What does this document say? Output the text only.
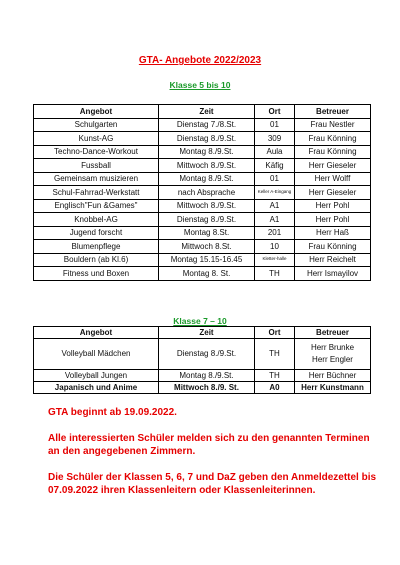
GTA- Angebote 2022/2023
Klasse 5 bis 10
Angebot	Zeit	Ort	Betreuer
Schulgarten	Dienstag 7./8.St.	01	Frau Nestler
Kunst-AG	Dienstag 8./9.St.	309	Frau Könning
Techno-Dance-Workout	Montag 8./9.St.	Aula	Frau Könning
Fussball	Mittwoch 8./9.St.	Käfig	Herr Gieseler
Gemeinsam musizieren	Montag 8./9.St.	01	Herr Wolff
Schul-Fahrrad-Werkstatt	nach Absprache	Keller A-Eingang	Herr Gieseler
Englisch"Fun &Games"	Mittwoch 8./9.St.	A1	Herr Pohl
Knobbel-AG	Dienstag 8./9.St.	A1	Herr Pohl
Jugend forscht	Montag 8.St.	201	Herr Haß
Blumenpflege	Mittwoch 8.St.	10	Frau Könning
Bouldern (ab Kl.6)	Montag 15.15-16.45	Kletter-halle	Herr Reichelt
Fitness und Boxen	Montag 8. St.	TH	Herr Ismayilov
Klasse 7 – 10
Angebot	Zeit	Ort	Betreuer
Volleyball Mädchen	Dienstag 8./9.St.	TH	Herr Brunke
Herr Engler

Volleyball Jungen	Montag 8./9.St.	TH	Herr Büchner
Japanisch und Anime	Mittwoch 8./9. St.	A0	Herr Kunstmann

GTA beginnt ab 19.09.2022.

Alle interessierten Schüler melden sich zu den genannten Terminen an den angegebenen Zimmern.

Die Schüler der Klassen 5, 6, 7 und DaZ geben den Anmeldezettel bis 07.09.2022 ihren Klassenleitern oder Klassenleiterinnen.
